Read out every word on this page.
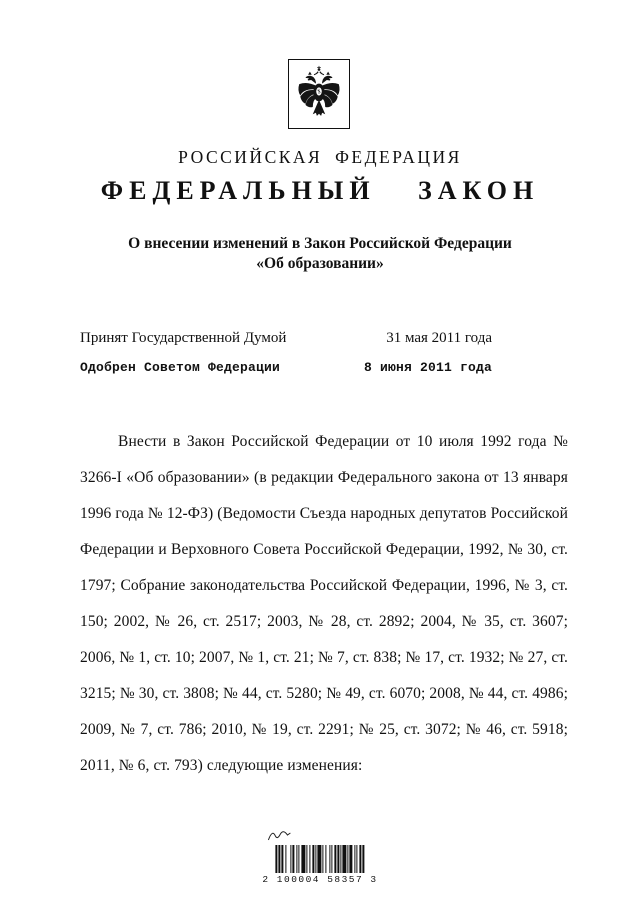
РОССИЙСКАЯ ФЕДЕРАЦИЯ
ФЕДЕРАЛЬНЫЙ ЗАКОН
О внесении изменений в Закон Российской Федерации
«Об образовании»
Принят Государственной Думой	31 мая 2011 года
Одобрен Советом Федерации	8 июня 2011 года
Внести в Закон Российской Федерации от 10 июля 1992 года № 3266-I «Об образовании» (в редакции Федерального закона от 13 января 1996 года № 12-ФЗ) (Ведомости Съезда народных депутатов Российской Федерации и Верховного Совета Российской Федерации, 1992, № 30, ст. 1797; Собрание законодательства Российской Федерации, 1996, № 3, ст. 150; 2002, № 26, ст. 2517; 2003, № 28, ст. 2892; 2004, № 35, ст. 3607; 2006, № 1, ст. 10; 2007, № 1, ст. 21; № 7, ст. 838; № 17, ст. 1932; № 27, ст. 3215; № 30, ст. 3808; № 44, ст. 5280; № 49, ст. 6070; 2008, № 44, ст. 4986; 2009, № 7, ст. 786; 2010, № 19, ст. 2291; № 25, ст. 3072; № 46, ст. 5918; 2011, № 6, ст. 793) следующие изменения:
2 100004 58357 3
